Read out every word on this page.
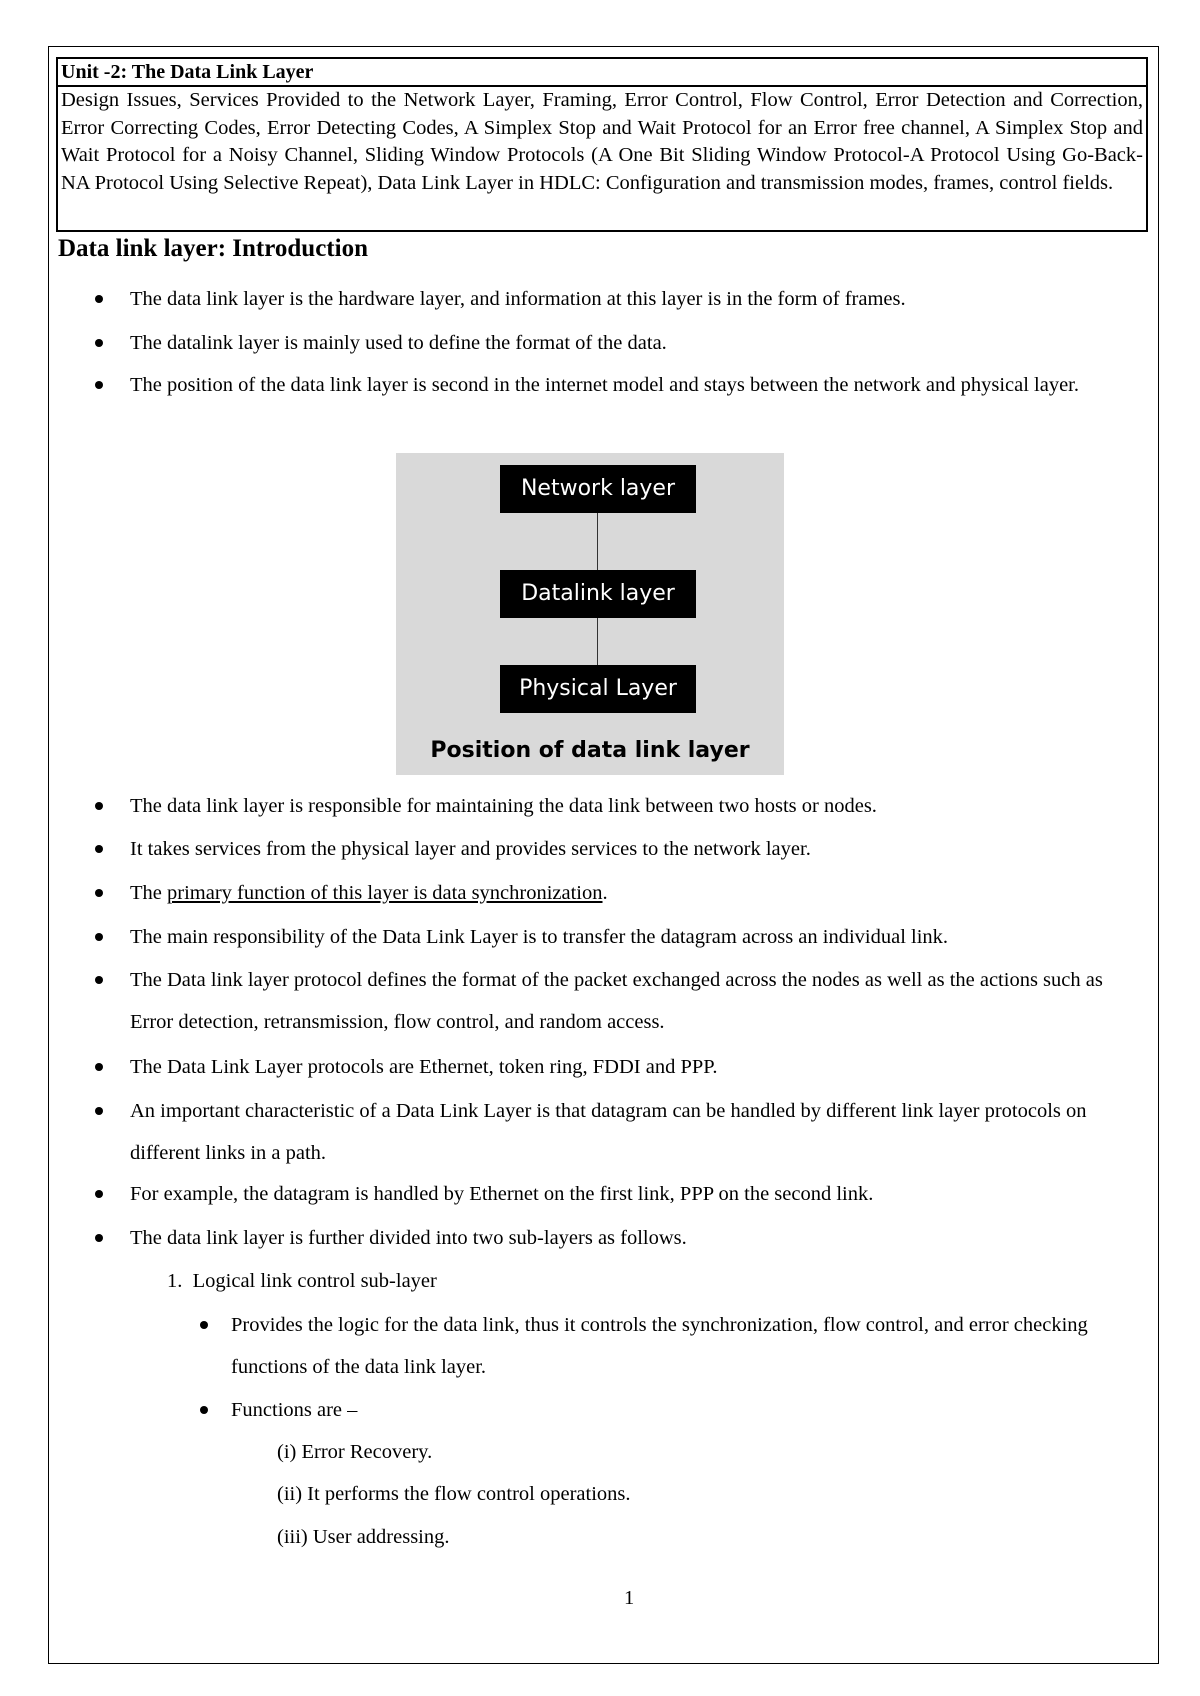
Unit -2: The Data Link Layer
Design Issues, Services Provided to the Network Layer, Framing, Error Control, Flow Control, Error Detection and Correction, Error Correcting Codes, Error Detecting Codes, A Simplex Stop and Wait Protocol for an Error free channel, A Simplex Stop and Wait Protocol for a Noisy Channel, Sliding Window Protocols (A One Bit Sliding Window Protocol-A Protocol Using Go-Back-NA Protocol Using Selective Repeat), Data Link Layer in HDLC: Configuration and transmission modes, frames, control fields.
Data link layer: Introduction
The data link layer is the hardware layer, and information at this layer is in the form of frames.
The datalink layer is mainly used to define the format of the data.
The position of the data link layer is second in the internet model and stays between the network and physical layer.
Network layer
Datalink layer
Physical Layer
Position of data link layer
The data link layer is responsible for maintaining the data link between two hosts or nodes.
It takes services from the physical layer and provides services to the network layer.
The primary function of this layer is data synchronization.
The main responsibility of the Data Link Layer is to transfer the datagram across an individual link.
The Data link layer protocol defines the format of the packet exchanged across the nodes as well as the actions such as Error detection, retransmission, flow control, and random access.
The Data Link Layer protocols are Ethernet, token ring, FDDI and PPP.
An important characteristic of a Data Link Layer is that datagram can be handled by different link layer protocols on different links in a path.
For example, the datagram is handled by Ethernet on the first link, PPP on the second link.
The data link layer is further divided into two sub-layers as follows.
1.  Logical link control sub-layer
Provides the logic for the data link, thus it controls the synchronization, flow control, and error checking functions of the data link layer.
Functions are –
(i) Error Recovery.
(ii) It performs the flow control operations.
(iii) User addressing.
1
